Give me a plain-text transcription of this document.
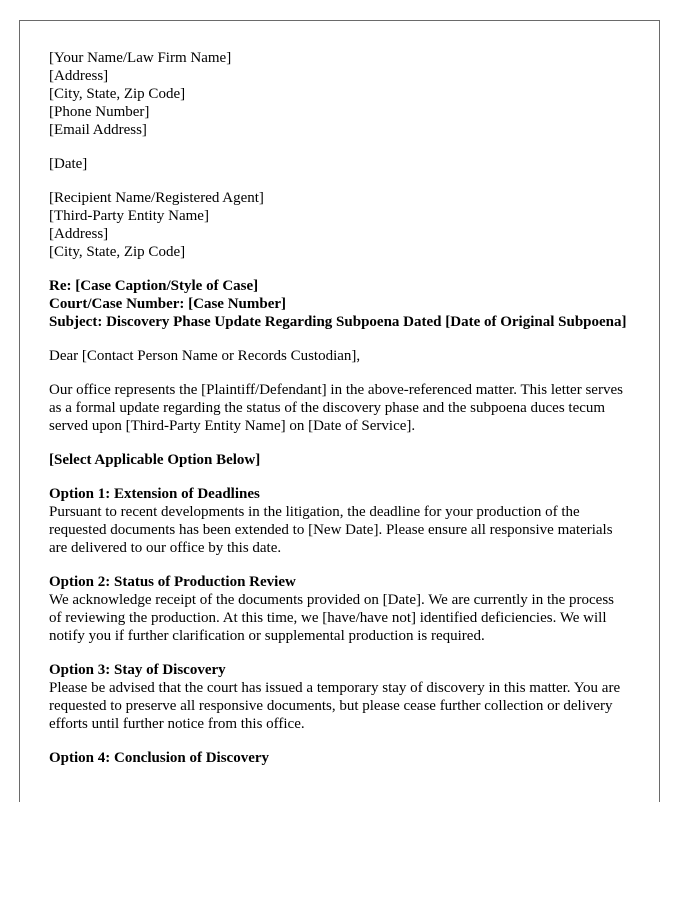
[Your Name/Law Firm Name]
[Address]
[City, State, Zip Code]
[Phone Number]
[Email Address]
[Date]
[Recipient Name/Registered Agent]
[Third-Party Entity Name]
[Address]
[City, State, Zip Code]
Re: [Case Caption/Style of Case]
Court/Case Number: [Case Number]
Subject: Discovery Phase Update Regarding Subpoena Dated [Date of Original Subpoena]

Dear [Contact Person Name or Records Custodian],

Our office represents the [Plaintiff/Defendant] in the above-referenced matter. This letter serves as a formal update regarding the status of the discovery phase and the subpoena duces tecum served upon [Third-Party Entity Name] on [Date of Service].

[Select Applicable Option Below]

Option 1: Extension of Deadlines
Pursuant to recent developments in the litigation, the deadline for your production of the requested documents has been extended to [New Date]. Please ensure all responsive materials are delivered to our office by this date.

Option 2: Status of Production Review
We acknowledge receipt of the documents provided on [Date]. We are currently in the process of reviewing the production. At this time, we [have/have not] identified deficiencies. We will notify you if further clarification or supplemental production is required.

Option 3: Stay of Discovery
Please be advised that the court has issued a temporary stay of discovery in this matter. You are requested to preserve all responsive documents, but please cease further collection or delivery efforts until further notice from this office.

Option 4: Conclusion of Discovery
